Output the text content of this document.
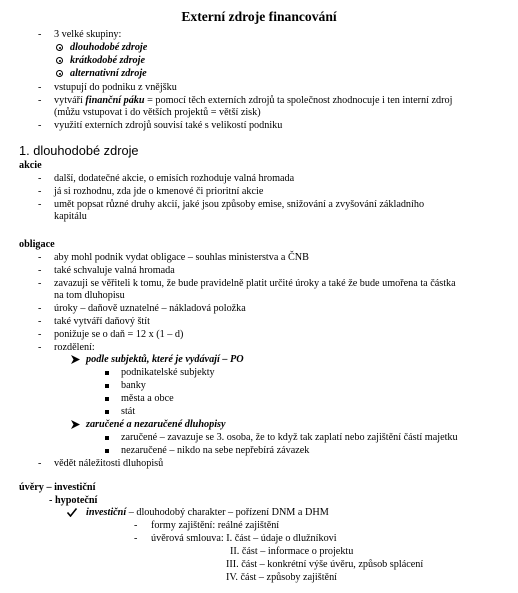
Externí zdroje financování
- 3 velké skupiny:
dlouhodobé zdroje
krátkodobé zdroje
alternativní zdroje
- vstupují do podniku z vnějšku
- vytváří finanční páku = pomocí těch externích zdrojů ta společnost zhodnocuje i ten interní zdroj
(můžu vstupovat i do větších projektů = větší zisk)
- využití externích zdrojů souvisí také s velikostí podniku
1. dlouhodobé zdroje
akcie
- další, dodatečné akcie, o emisích rozhoduje valná hromada
- já si rozhodnu, zda jde o kmenové či prioritní akcie
- umět popsat různé druhy akcií, jaké jsou způsoby emise, snižování a zvyšování základního
kapitálu
obligace
- aby mohl podnik vydat obligace – souhlas ministerstva a ČNB
- také schvaluje valná hromada
- zavazuji se věřiteli k tomu, že bude pravidelně platit určité úroky a také že bude umořena ta částka
na tom dluhopisu
- úroky – daňově uznatelné – nákladová položka
- také vytváří daňový štít
- ponižuje se o daň = 12 x (1 – d)
- rozdělení:
podle subjektů, které je vydávají – PO
podnikatelské subjekty
banky
města a obce
stát
zaručené a nezaručené dluhopisy
zaručené – zavazuje se 3. osoba, že to když tak zaplatí nebo zajištění částí majetku
nezaručené – nikdo na sebe nepřebírá závazek
- vědět náležitosti dluhopisů
úvěry – investiční
- hypoteční
investiční – dlouhodobý charakter – pořízení DNM a DHM
- formy zajištění: reálné zajištění
- úvěrová smlouva: I. část – údaje o dlužníkovi
II. část – informace o projektu
III. část – konkrétní výše úvěru, způsob splácení
IV. část – způsoby zajištění
